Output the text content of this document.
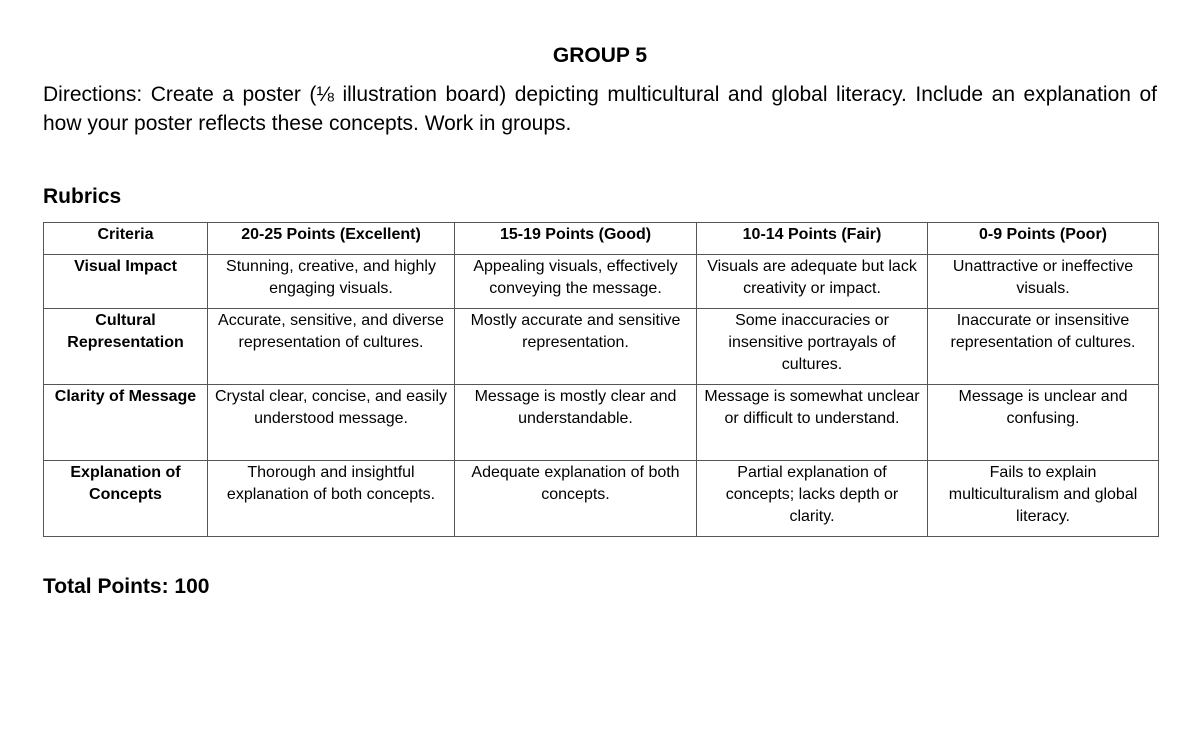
GROUP 5
Directions: Create a poster (⅛ illustration board) depicting multicultural and global literacy. Include an explanation of how your poster reflects these concepts. Work in groups.
Rubrics
Criteria	20-25 Points (Excellent)	15-19 Points (Good)	10-14 Points (Fair)	0-9 Points (Poor)
Visual Impact	Stunning, creative, and highly engaging visuals.	Appealing visuals, effectively conveying the message.	Visuals are adequate but lack creativity or impact.	Unattractive or ineffective visuals.
Cultural Representation	Accurate, sensitive, and diverse representation of cultures.	Mostly accurate and sensitive representation.	Some inaccuracies or insensitive portrayals of cultures.	Inaccurate or insensitive representation of cultures.
Clarity of Message	Crystal clear, concise, and easily understood message.	Message is mostly clear and understandable.	Message is somewhat unclear or difficult to understand.	Message is unclear and confusing.
Explanation of Concepts	Thorough and insightful explanation of both concepts.	Adequate explanation of both concepts.	Partial explanation of concepts; lacks depth or clarity.	Fails to explain multiculturalism and global literacy.
Total Points: 100
